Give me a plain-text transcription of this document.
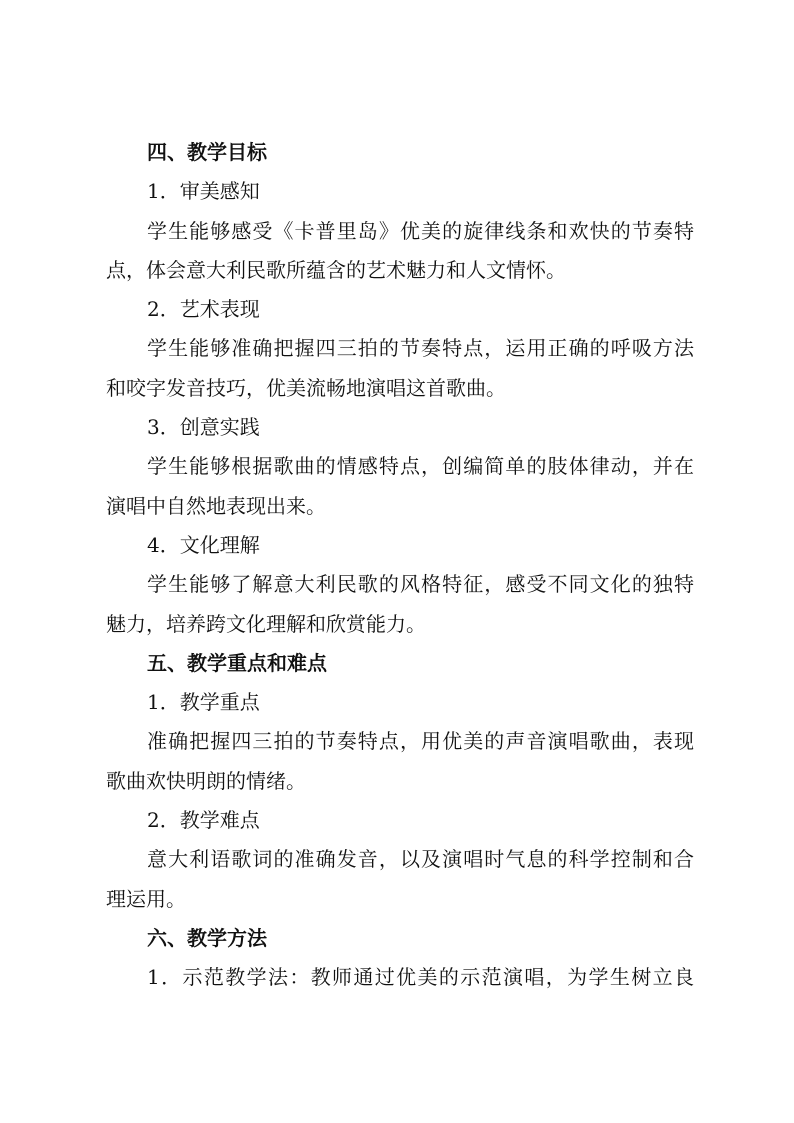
四、教学目标
1．审美感知
学生能够感受《卡普里岛》优美的旋律线条和欢快的节奏特
点，体会意大利民歌所蕴含的艺术魅力和人文情怀。
2．艺术表现
学生能够准确把握四三拍的节奏特点，运用正确的呼吸方法
和咬字发音技巧，优美流畅地演唱这首歌曲。
3．创意实践
学生能够根据歌曲的情感特点，创编简单的肢体律动，并在
演唱中自然地表现出来。
4．文化理解
学生能够了解意大利民歌的风格特征，感受不同文化的独特
魅力，培养跨文化理解和欣赏能力。
五、教学重点和难点
1．教学重点
准确把握四三拍的节奏特点，用优美的声音演唱歌曲，表现
歌曲欢快明朗的情绪。
2．教学难点
意大利语歌词的准确发音，以及演唱时气息的科学控制和合
理运用。
六、教学方法
1．示范教学法：教师通过优美的示范演唱，为学生树立良
